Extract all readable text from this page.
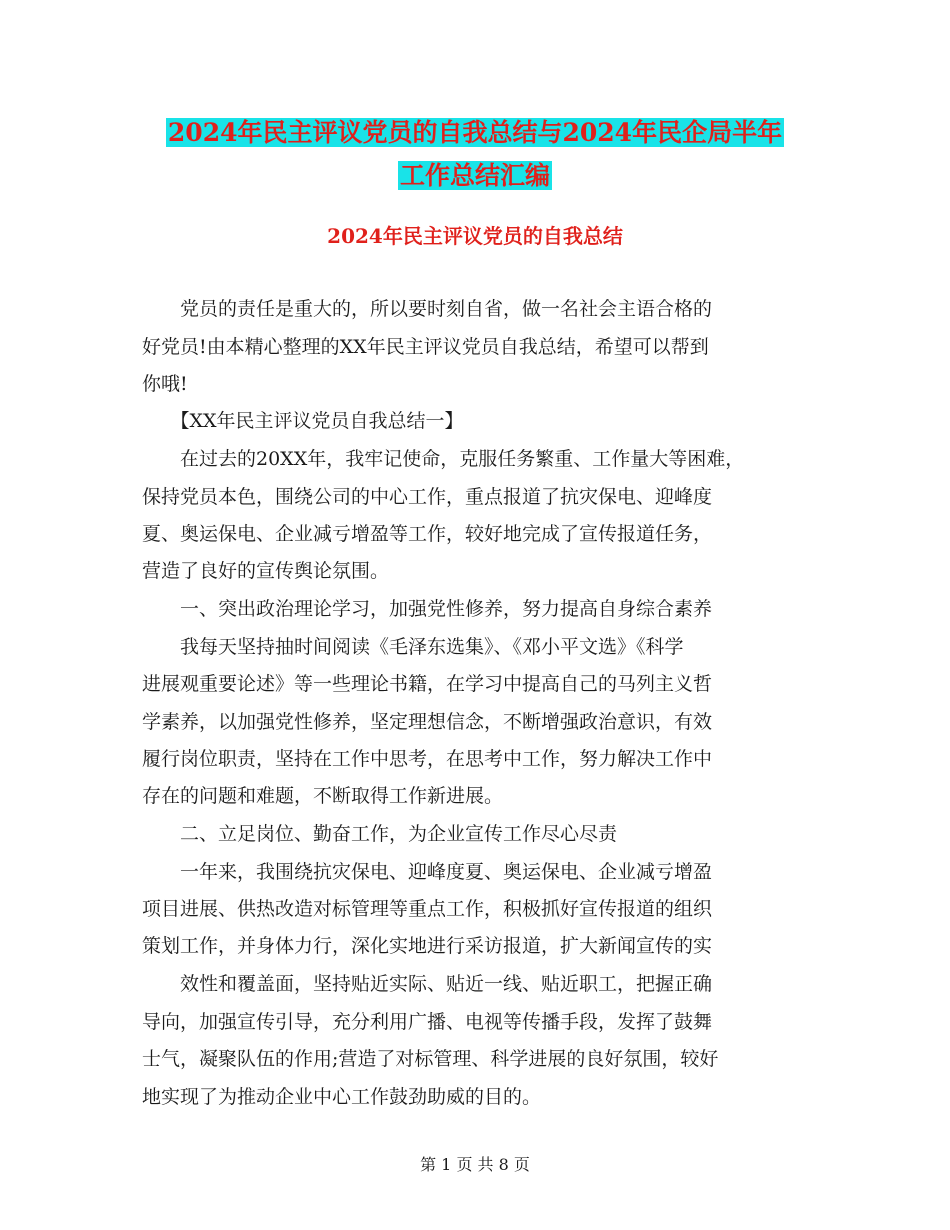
2024年民主评议党员的自我总结与2024年民企局半年
工作总结汇编
2024年民主评议党员的自我总结
　　党员的责任是重大的，所以要时刻自省，做一名社会主语合格的
好党员!由本精心整理的XX年民主评议党员自我总结，希望可以帮到
你哦!
　　【XX年民主评议党员自我总结一】
　　在过去的20XX年，我牢记使命，克服任务繁重、工作量大等困难，
保持党员本色，围绕公司的中心工作，重点报道了抗灾保电、迎峰度
夏、奥运保电、企业减亏增盈等工作，较好地完成了宣传报道任务，
营造了良好的宣传舆论氛围。
　　一、突出政治理论学习，加强党性修养，努力提高自身综合素养
　　我每天坚持抽时间阅读《毛泽东选集》、《邓小平文选》《科学
进展观重要论述》等一些理论书籍，在学习中提高自己的马列主义哲
学素养，以加强党性修养，坚定理想信念，不断增强政治意识，有效
履行岗位职责，坚持在工作中思考，在思考中工作，努力解决工作中
存在的问题和难题，不断取得工作新进展。
　　二、立足岗位、勤奋工作，为企业宣传工作尽心尽责
　　一年来，我围绕抗灾保电、迎峰度夏、奥运保电、企业减亏增盈
项目进展、供热改造对标管理等重点工作，积极抓好宣传报道的组织
策划工作，并身体力行，深化实地进行采访报道，扩大新闻宣传的实
　　效性和覆盖面，坚持贴近实际、贴近一线、贴近职工，把握正确
导向，加强宣传引导，充分利用广播、电视等传播手段，发挥了鼓舞
士气，凝聚队伍的作用;营造了对标管理、科学进展的良好氛围，较好
地实现了为推动企业中心工作鼓劲助威的目的。
第 1 页 共 8 页
